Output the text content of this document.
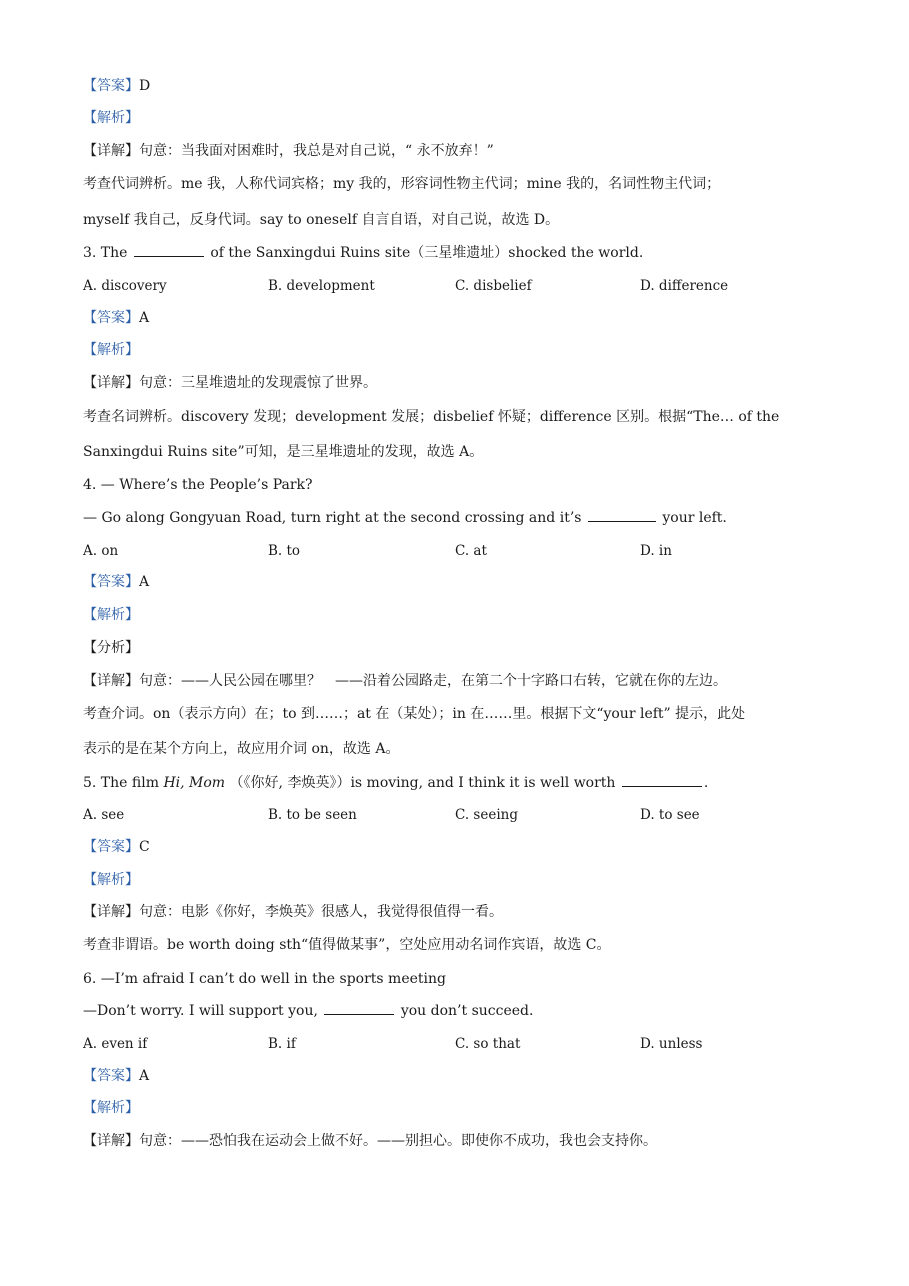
【答案】D
【解析】
【详解】句意：当我面对困难时，我总是对自己说，“ 永不放弃！”
考查代词辨析。me 我，人称代词宾格；my 我的，形容词性物主代词；mine 我的，名词性物主代词；
myself 我自己，反身代词。say to oneself 自言自语，对自己说，故选 D。
3. The	of the Sanxingdui Ruins site（三星堆遗址）shocked the world.
A. discovery	B. development	C. disbelief	D. difference
【答案】A
【解析】
【详解】句意：三星堆遗址的发现震惊了世界。
考查名词辨析。discovery 发现；development 发展；disbelief 怀疑；difference 区别。根据“The… of the
Sanxingdui Ruins site”可知，是三星堆遗址的发现，故选 A。
4. — Where’s the People’s Park?
— Go along Gongyuan Road, turn right at the second crossing and it’s	your left.
A. on	B. to	C. at	D. in
【答案】A
【解析】
【分析】
【详解】句意：——人民公园在哪里？　——沿着公园路走，在第二个十字路口右转，它就在你的左边。
考查介词。on（表示方向）在；to 到……；at 在（某处）；in 在……里。根据下文“your left” 提示，此处
表示的是在某个方向上，故应用介词 on，故选 A。
5. The film Hi, Mom （《你好, 李焕英》）is moving, and I think it is well worth	.
A. see	B. to be seen	C. seeing	D. to see
【答案】C
【解析】
【详解】句意：电影《你好，李焕英》很感人，我觉得很值得一看。
考查非谓语。be worth doing sth“值得做某事”，空处应用动名词作宾语，故选 C。
6. —I’m afraid I can’t do well in the sports meeting
—Don’t worry. I will support you,	you don’t succeed.
A. even if	B. if	C. so that	D. unless
【答案】A
【解析】
【详解】句意：——恐怕我在运动会上做不好。——别担心。即使你不成功，我也会支持你。
